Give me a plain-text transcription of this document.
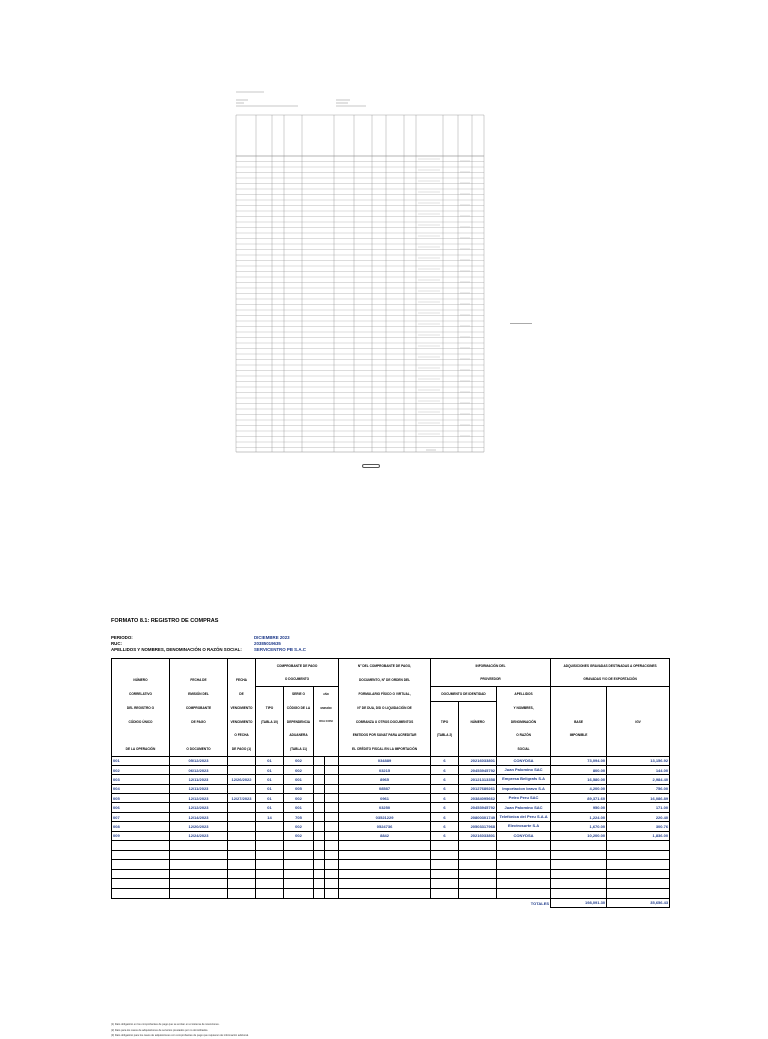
FORMATO 8.1: REGISTRO DE COMPRAS
PERIODO:	DICIEMBRE 2023
RUC:	20385019635
APELLIDOS Y NOMBRES, DENOMINACIÓN O RAZÓN SOCIAL:	SERVICENTRO PB S.A.C
			COMPROBANTE DE PAGO				N° DEL COMPROBANTE DE PAGO,	INFORMACIÓN DEL			ADQUISICIONES GRAVADAS DESTINADAS A OPERACIONES	
NÚMERO	FECHA DE	FECHA	O DOCUMENTO				DOCUMENTO, N° DE ORDEN DEL	PROVEEDOR			GRAVADAS Y/O DE EXPORTACIÓN	
CORRELATIVO	EMISIÓN DEL	DE		SERIE O	AÑO		FORMULARIO FÍSICO O VIRTUAL,	DOCUMENTO DE IDENTIDAD		APELLIDOS		
DEL REGISTRO O	COMPROBANTE	VENCIMIENTO	TIPO	CÓDIGO DE LA	EMISIÓN		N° DE DUA, DSI O LIQUIDACIÓN DE			Y NOMBRES,		
CÓDIGO ÚNICO	DE PAGO	VENCIMIENTO	(TABLA 10)	DEPENDENCIA	DUA O DSI		COBRANZA U OTROS DOCUMENTOS	TIPO	NÚMERO	DENOMINACIÓN	BASE	IGV
		O FECHA		ADUANERA			EMITIDOS POR SUNAT PARA ACREDITAR	(TABLA 2)		O RAZÓN	IMPONIBLE	
DE LA OPERACIÓN	O DOCUMENTO	DE PAGO (1)		(TABLA 11)			EL CRÉDITO FISCAL EN LA IMPORTACIÓN			SOCIAL		
001	05/12/2023		01	002			034889	6	20216033801	CONYDSA	73,094.00	13,156.92
002	06/12/2023		01	002			03215	6	20453945792	Juan Palomino SAC	800.00	144.00
003	12/11/2023	12/26/2022	01	001			8965	6	20121313358	Empresa Beligrafs S.A	16,580.00	2,984.40
004	12/11/2023		01	005			08587	6	20127689261	Importacion bravo S.A	4,200.00	756.00
005	12/12/2023	12/27/2023	01	002			0961	6	20384095662	Petro Peru SAC	89,371.60	16,086.89
006	12/12/2023		01	001			03250	6	20453945792	Juan Palomino SAC	950.00	171.00
007	12/14/2023		14	705			03521229	6	20800301749	Telefónica del Peru S.A.A	1,224.00	220.40
008	12/20/2023			002			0524736	6	20503317968	Electrosurte S.A	1,670.00	300.76
009	12/24/2023			002			8842	6	20216033801	CONYDSA	10,200.00	1,836.00

TOTALES											198,091.30	35,656.43
(1) Dato obligatorio en los comprobantes de pago que se emitan en el sistema de retenciones.
(2) Dato para los casos de adquisiciones de servicios prestados por no domiciliados.
(3) Dato obligatorio para los casos de adquisiciones con comprobantes de pago que requieran de información adicional.
